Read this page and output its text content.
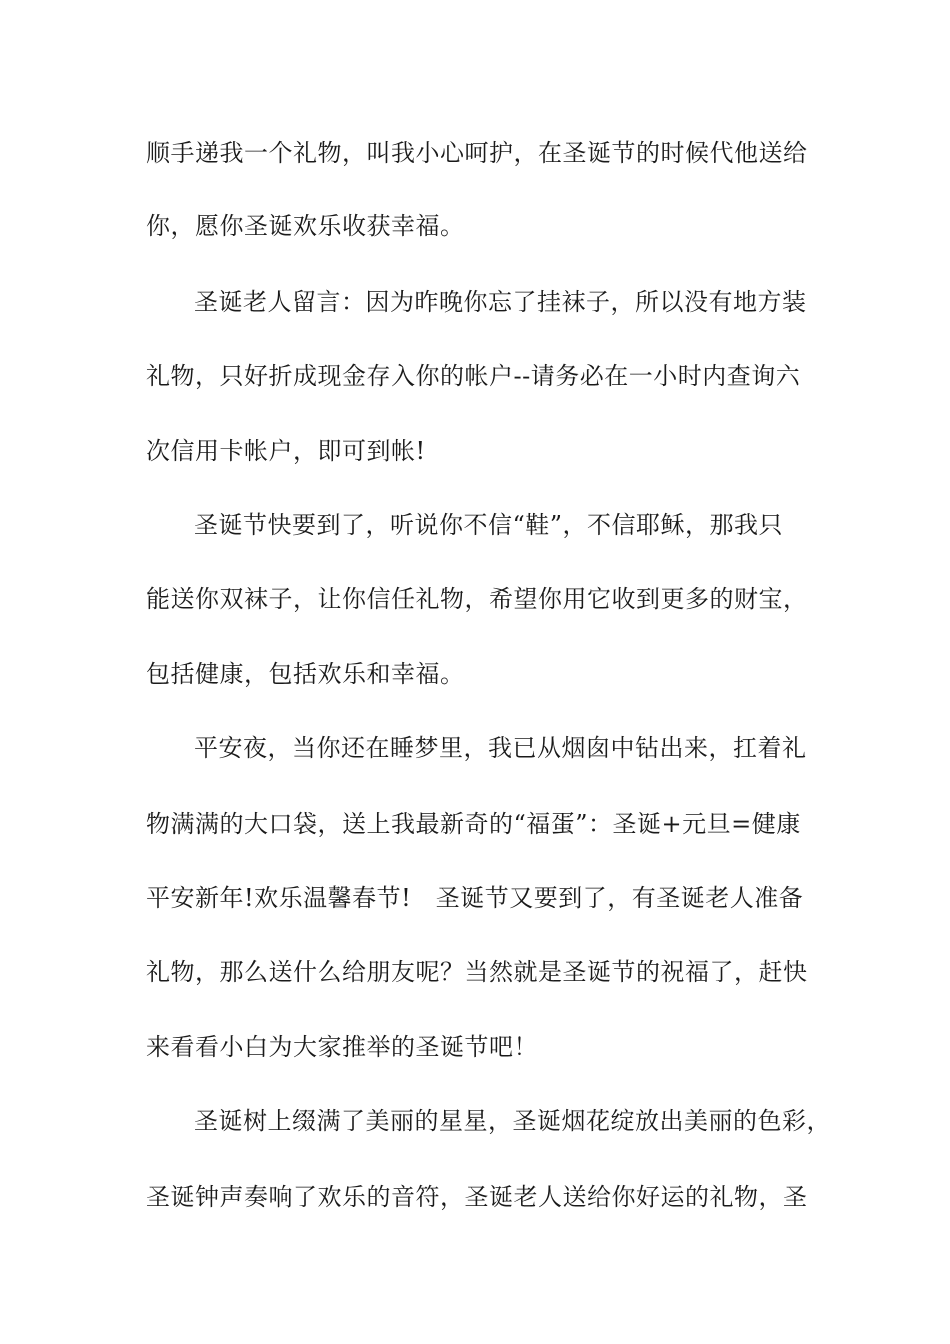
顺手递我一个礼物，叫我小心呵护，在圣诞节的时候代他送给
你，愿你圣诞欢乐收获幸福。
圣诞老人留言：因为昨晚你忘了挂袜子，所以没有地方装
礼物，只好折成现金存入你的帐户--请务必在一小时内查询六
次信用卡帐户，即可到帐!
圣诞节快要到了，听说你不信“鞋”，不信耶稣，那我只
能送你双袜子，让你信任礼物，希望你用它收到更多的财宝，
包括健康，包括欢乐和幸福。
平安夜，当你还在睡梦里，我已从烟囱中钻出来，扛着礼
物满满的大口袋，送上我最新奇的“福蛋”：圣诞+元旦=健康
平安新年!欢乐温馨春节!　圣诞节又要到了，有圣诞老人准备
礼物，那么送什么给朋友呢？当然就是圣诞节的祝福了，赶快
来看看小白为大家推举的圣诞节吧！
圣诞树上缀满了美丽的星星，圣诞烟花绽放出美丽的色彩，
圣诞钟声奏响了欢乐的音符，圣诞老人送给你好运的礼物，圣
